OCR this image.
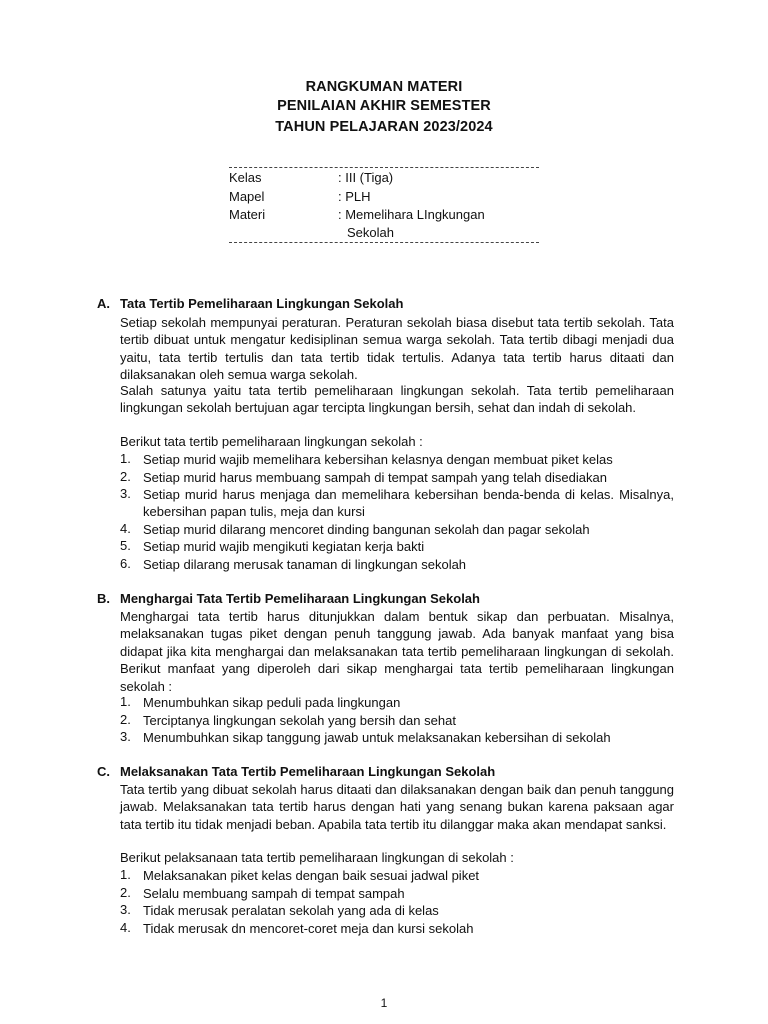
RANGKUMAN MATERI
PENILAIAN AKHIR SEMESTER
TAHUN PELAJARAN 2023/2024
Kelas	: III (Tiga)
Mapel	: PLH
Materi	: Memelihara LIngkungan
Sekolah
A. Tata Tertib Pemeliharaan Lingkungan Sekolah

Setiap sekolah mempunyai peraturan. Peraturan sekolah biasa disebut tata tertib sekolah. Tata tertib dibuat untuk mengatur kedisiplinan semua warga sekolah. Tata tertib dibagi menjadi dua yaitu, tata tertib tertulis dan tata tertib tidak tertulis. Adanya tata tertib harus ditaati dan dilaksanakan oleh semua warga sekolah.

Salah satunya yaitu tata tertib pemeliharaan lingkungan sekolah. Tata tertib pemeliharaan lingkungan sekolah bertujuan agar tercipta lingkungan bersih, sehat dan indah di sekolah.

Berikut tata tertib pemeliharaan lingkungan sekolah :
1. Setiap murid wajib memelihara kebersihan kelasnya dengan membuat piket kelas

2. Setiap murid harus membuang sampah di tempat sampah yang telah disediakan

3. Setiap murid harus menjaga dan memelihara kebersihan benda-benda di kelas. Misalnya, kebersihan papan tulis, meja dan kursi

4. Setiap murid dilarang mencoret dinding bangunan sekolah dan pagar sekolah

5. Setiap murid wajib mengikuti kegiatan kerja bakti

6. Setiap dilarang merusak tanaman di lingkungan sekolah

B. Menghargai Tata Tertib Pemeliharaan Lingkungan Sekolah

Menghargai tata tertib harus ditunjukkan dalam bentuk sikap dan perbuatan. Misalnya, melaksanakan tugas piket dengan penuh tanggung jawab. Ada banyak manfaat yang bisa didapat jika kita menghargai dan melaksanakan tata tertib pemeliharaan lingkungan di sekolah. Berikut manfaat yang diperoleh dari sikap menghargai tata tertib pemeliharaan lingkungan sekolah :

1. Menumbuhkan sikap peduli pada lingkungan

2. Terciptanya lingkungan sekolah yang bersih dan sehat

3. Menumbuhkan sikap tanggung jawab untuk melaksanakan kebersihan di sekolah

C. Melaksanakan Tata Tertib Pemeliharaan Lingkungan Sekolah

Tata tertib yang dibuat sekolah harus ditaati dan dilaksanakan dengan baik dan penuh tanggung jawab. Melaksanakan tata tertib harus dengan hati yang senang bukan karena paksaan agar tata tertib itu tidak menjadi beban. Apabila tata tertib itu dilanggar maka akan mendapat sanksi.

Berikut pelaksanaan tata tertib pemeliharaan lingkungan di sekolah :
1. Melaksanakan piket kelas dengan baik sesuai jadwal piket

2. Selalu membuang sampah di tempat sampah

3. Tidak merusak peralatan sekolah yang ada di kelas

4. Tidak merusak dn mencoret-coret meja dan kursi sekolah

1
